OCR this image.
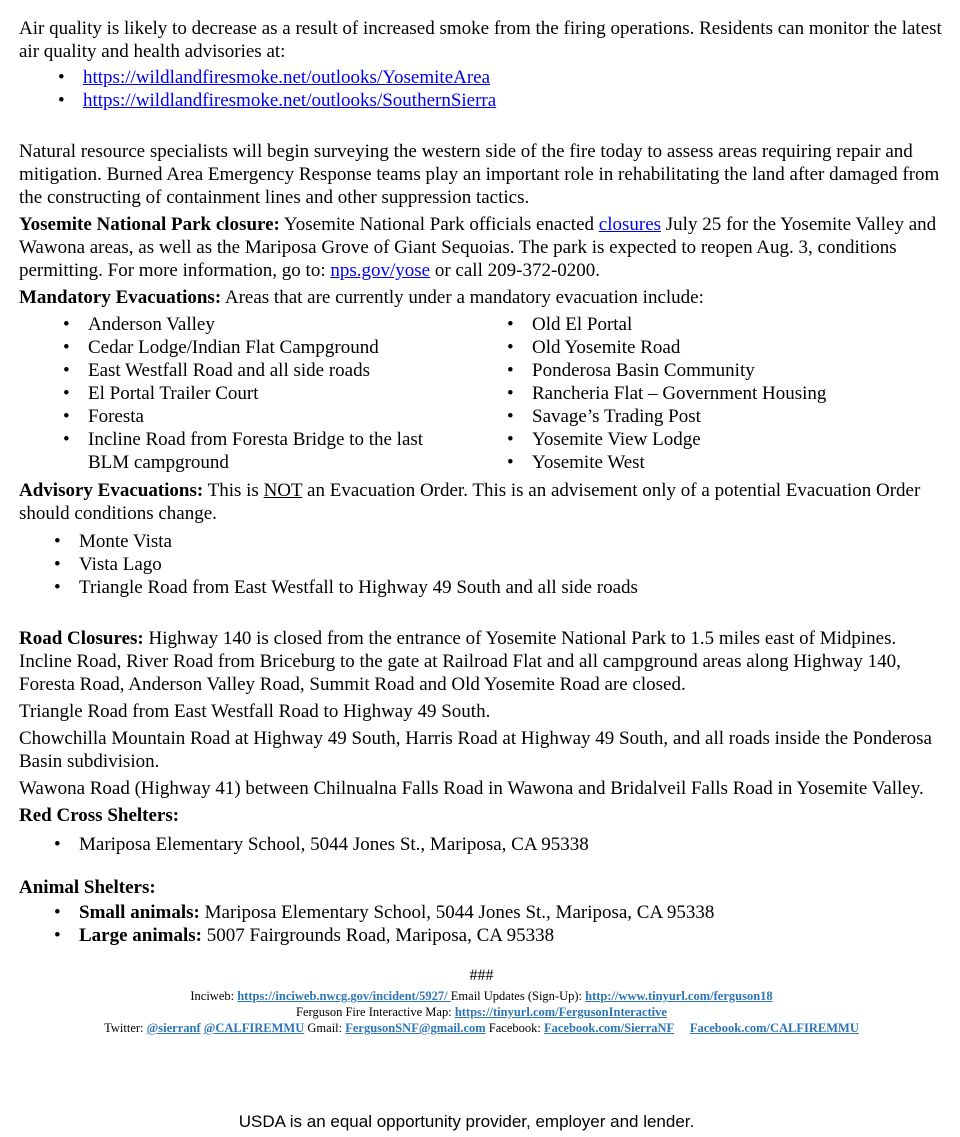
Air quality is likely to decrease as a result of increased smoke from the firing operations. Residents can monitor the latest air quality and health advisories at:

• https://wildlandfiresmoke.net/outlooks/YosemiteArea
• https://wildlandfiresmoke.net/outlooks/SouthernSierra

Natural resource specialists will begin surveying the western side of the fire today to assess areas requiring repair and mitigation. Burned Area Emergency Response teams play an important role in rehabilitating the land after damaged from the constructing of containment lines and other suppression tactics.

Yosemite National Park closure: Yosemite National Park officials enacted closures July 25 for the Yosemite Valley and Wawona areas, as well as the Mariposa Grove of Giant Sequoias. The park is expected to reopen Aug. 3, conditions permitting. For more information, go to: nps.gov/yose or call 209-372-0200.

Mandatory Evacuations: Areas that are currently under a mandatory evacuation include:

• Anderson Valley
• Cedar Lodge/Indian Flat Campground
• East Westfall Road and all side roads
• El Portal Trailer Court
• Foresta
• Incline Road from Foresta Bridge to the last BLM campground
• Old El Portal
• Old Yosemite Road
• Ponderosa Basin Community
• Rancheria Flat – Government Housing
• Savage’s Trading Post
• Yosemite View Lodge
• Yosemite West

Advisory Evacuations: This is NOT an Evacuation Order. This is an advisement only of a potential Evacuation Order should conditions change.

• Monte Vista
• Vista Lago
• Triangle Road from East Westfall to Highway 49 South and all side roads

Road Closures: Highway 140 is closed from the entrance of Yosemite National Park to 1.5 miles east of Midpines. Incline Road, River Road from Briceburg to the gate at Railroad Flat and all campground areas along Highway 140, Foresta Road, Anderson Valley Road, Summit Road and Old Yosemite Road are closed.

Triangle Road from East Westfall Road to Highway 49 South.

Chowchilla Mountain Road at Highway 49 South, Harris Road at Highway 49 South, and all roads inside the Ponderosa Basin subdivision.

Wawona Road (Highway 41) between Chilnualna Falls Road in Wawona and Bridalveil Falls Road in Yosemite Valley.

Red Cross Shelters:

• Mariposa Elementary School, 5044 Jones St., Mariposa, CA 95338

Animal Shelters:

• Small animals: Mariposa Elementary School, 5044 Jones St., Mariposa, CA 95338
• Large animals: 5007 Fairgrounds Road, Mariposa, CA 95338
###
Inciweb: https://inciweb.nwcg.gov/incident/5927/ Email Updates (Sign-Up): http://www.tinyurl.com/ferguson18
Ferguson Fire Interactive Map: https://tinyurl.com/FergusonInteractive
Twitter: @sierranf @CALFIREMMU Gmail: FergusonSNF@gmail.com Facebook: Facebook.com/SierraNF Facebook.com/CALFIREMMU
USDA is an equal opportunity provider, employer and lender.
